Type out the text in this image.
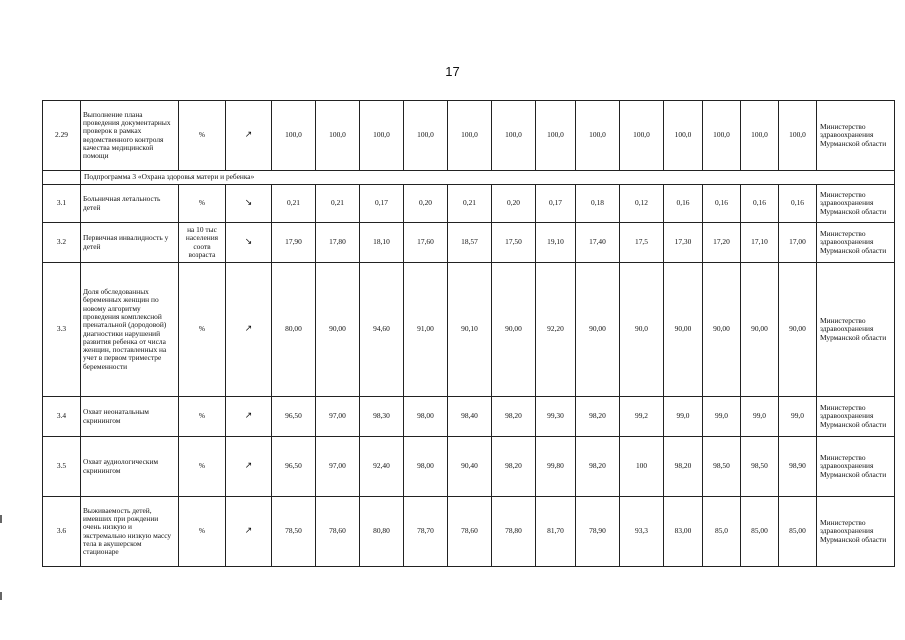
17
2.29	Выполнение плана проведения документарных проверок в рамках ведомственного контроля качества медицинской помощи	%	↗	100,0	100,0	100,0	100,0	100,0	100,0	100,0	100,0	100,0	100,0	100,0	100,0	100,0	Министерство здравоохранения Мурманской области
	Подпрограмма 3 «Охрана здоровья матери и ребенка»																
3.1	Больничная летальность детей	%	↘	0,21	0,21	0,17	0,20	0,21	0,20	0,17	0,18	0,12	0,16	0,16	0,16	0,16	Министерство здравоохранения Мурманской области
3.2	Первичная инвалидность у детей	на 10 тыс населения соотв возраста	↘	17,90	17,80	18,10	17,60	18,57	17,50	19,10	17,40	17,5	17,30	17,20	17,10	17,00	Министерство здравоохранения Мурманской области
3.3	Доля обследованных беременных женщин по новому алгоритму проведения комплексной пренатальной (дородовой) диагностики нарушений развития ребенка от числа женщин, поставленных на учет в первом триместре беременности	%	↗	80,00	90,00	94,60	91,00	90,10	90,00	92,20	90,00	90,0	90,00	90,00	90,00	90,00	Министерство здравоохранения Мурманской области
3.4	Охват неонатальным скринингом	%	↗	96,50	97,00	98,30	98,00	98,40	98,20	99,30	98,20	99,2	99,0	99,0	99,0	99,0	Министерство здравоохранения Мурманской области
3.5	Охват аудиологическим скринингом	%	↗	96,50	97,00	92,40	98,00	90,40	98,20	99,80	98,20	100	98,20	98,50	98,50	98,90	Министерство здравоохранения Мурманской области
3.6	Выживаемость детей, имевших при рождении очень низкую и экстремально низкую массу тела в акушерском стационаре	%	↗	78,50	78,60	80,80	78,70	78,60	78,80	81,70	78,90	93,3	83,00	85,0	85,00	85,00	Министерство здравоохранения Мурманской области
